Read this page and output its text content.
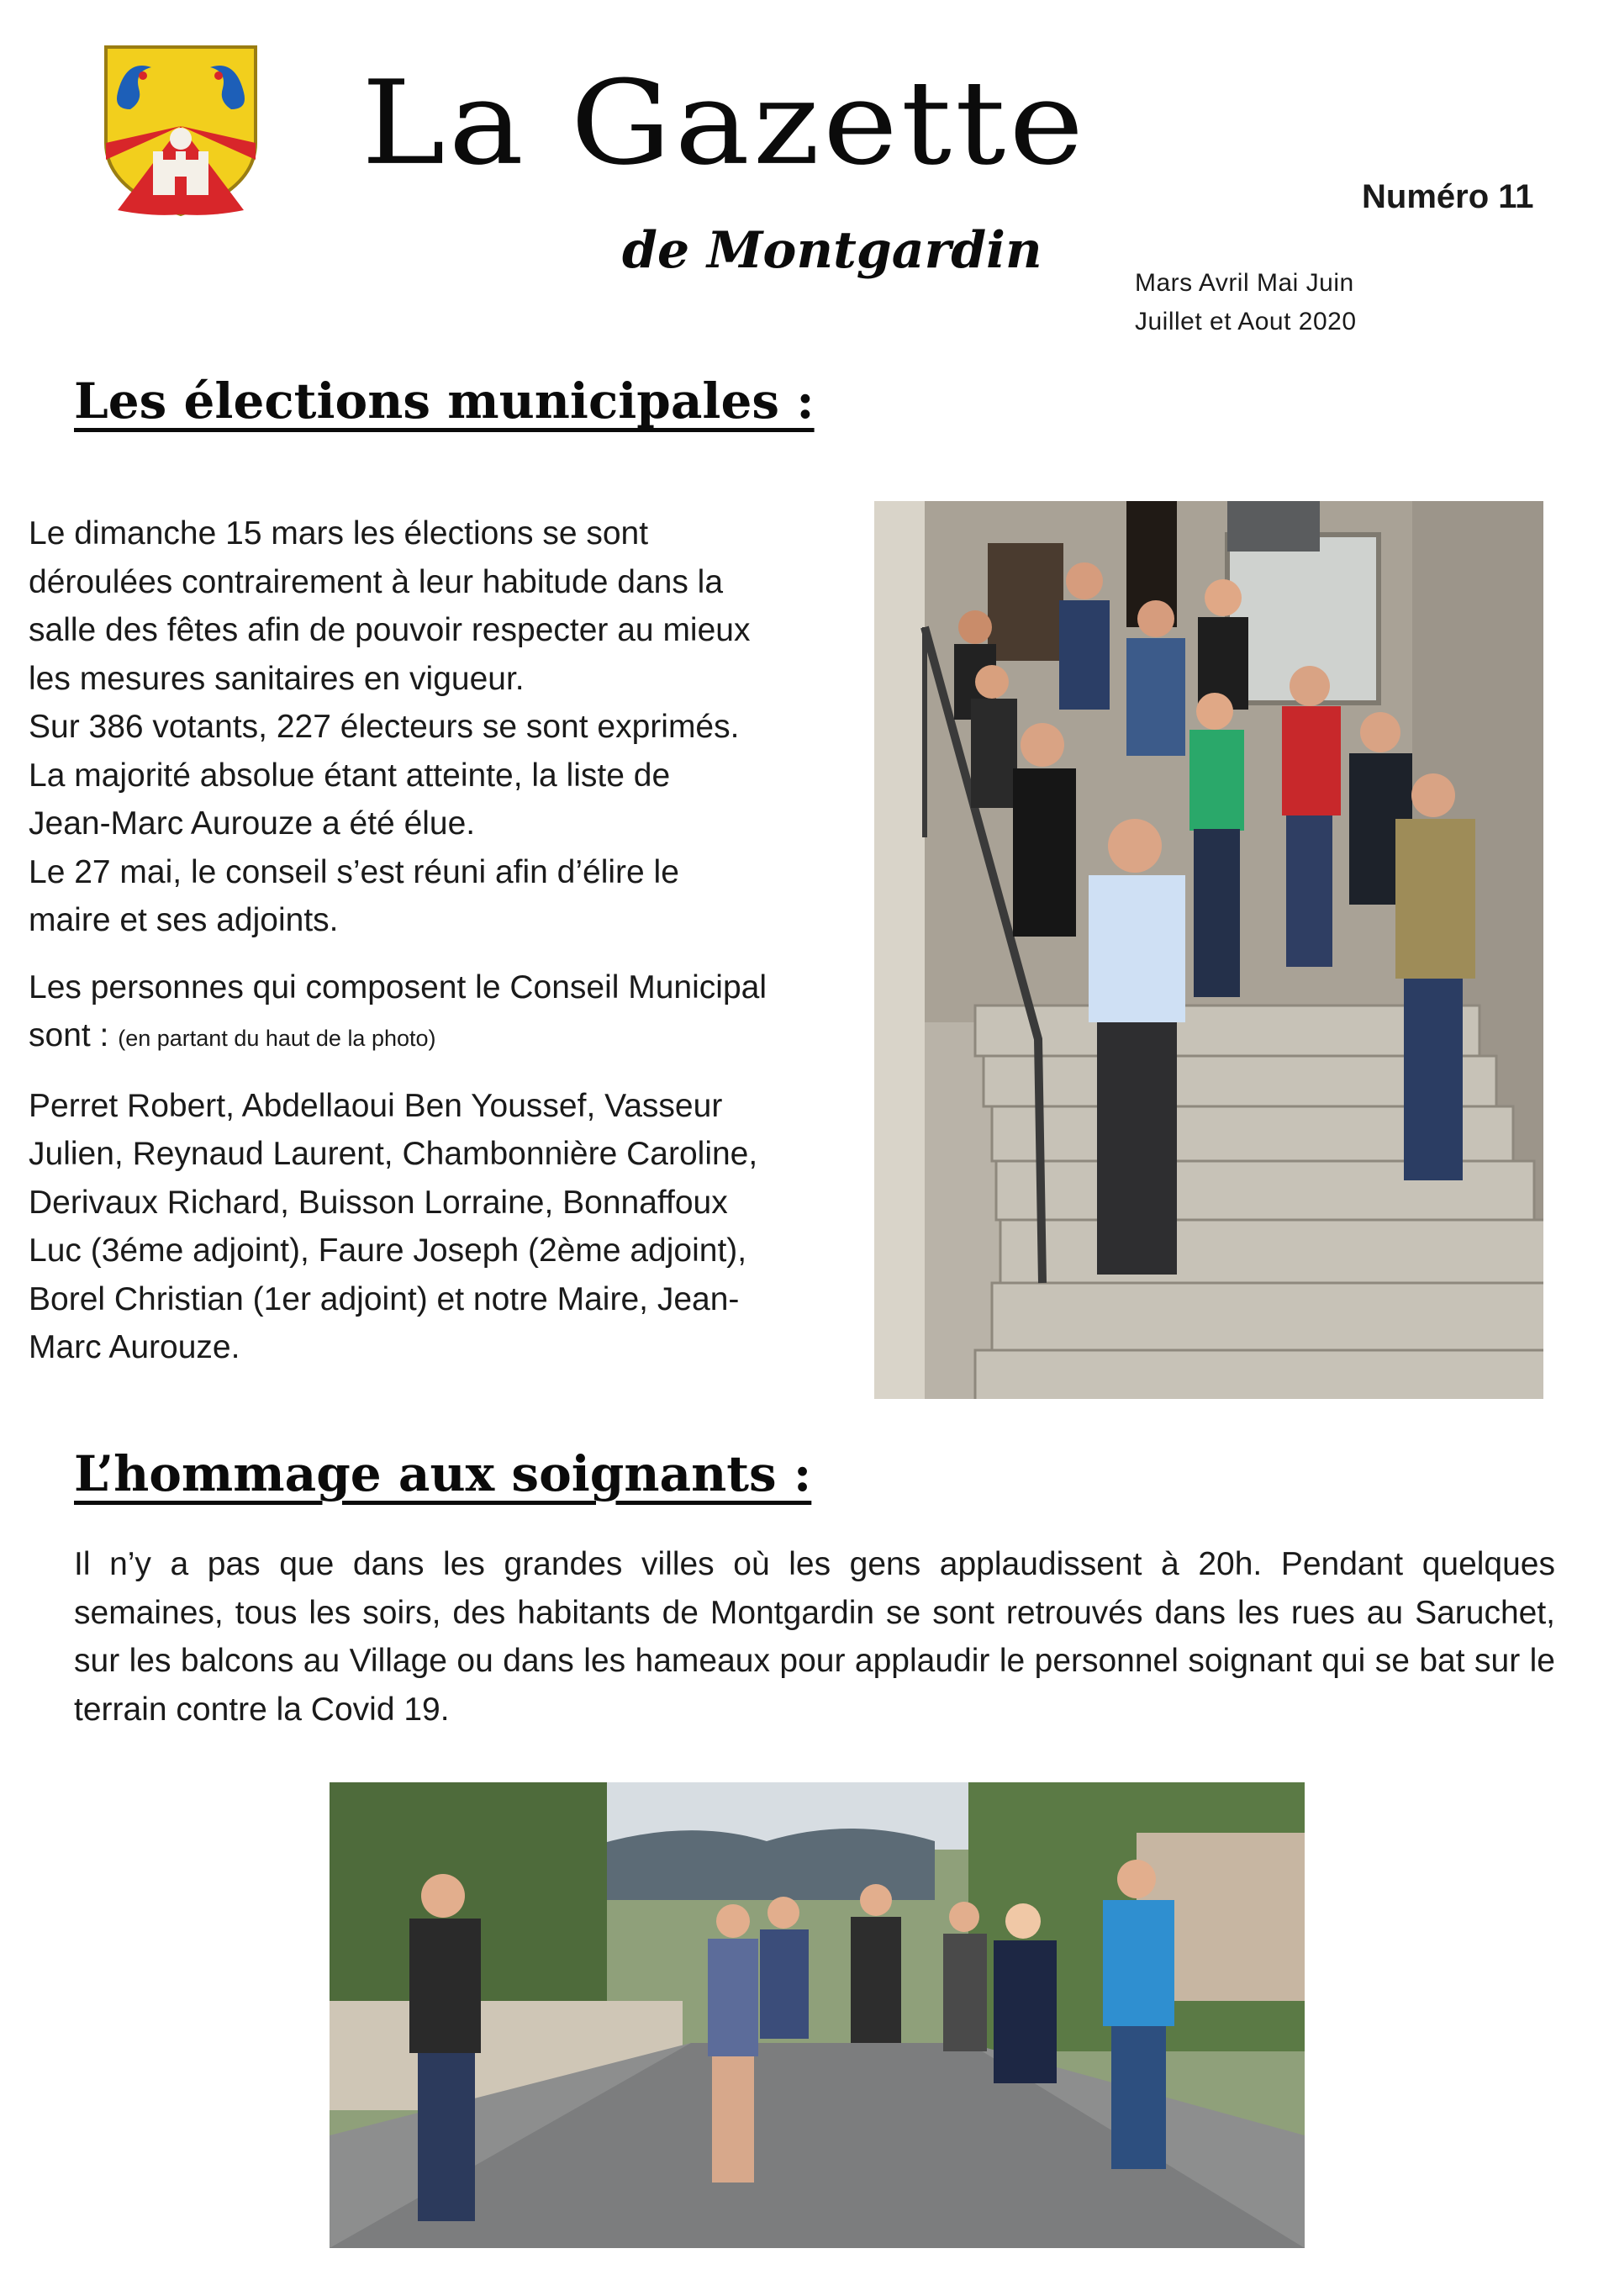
La Gazette
de Montgardin
Numéro 11
Mars Avril Mai Juin
Juillet et Aout 2020
Les élections municipales :

Le dimanche 15 mars les élections se sont
déroulées contrairement à leur habitude dans la
salle des fêtes afin de pouvoir respecter au mieux
les mesures sanitaires en vigueur.
Sur 386 votants, 227 électeurs se sont exprimés.
La majorité absolue étant atteinte, la liste de
Jean-Marc Aurouze a été élue.
Le 27 mai, le conseil s’est réuni afin d’élire le
maire et ses adjoints.

Les personnes qui composent le Conseil Municipal
sont : (en partant du haut de la photo)

Perret Robert, Abdellaoui Ben Youssef, Vasseur
Julien, Reynaud Laurent, Chambonnière Caroline,
Derivaux Richard, Buisson Lorraine, Bonnaffoux
Luc (3éme adjoint), Faure Joseph (2ème adjoint),
Borel Christian (1er adjoint) et notre Maire, Jean-
Marc Aurouze.

L’hommage aux soignants :

Il n’y a pas que dans les grandes villes où les gens applaudissent à 20h. Pendant quelques semaines, tous les soirs, des habitants de Montgardin se sont retrouvés dans les rues au Saruchet, sur les balcons au Village ou dans les hameaux pour applaudir le personnel soignant qui se bat sur le terrain contre la Covid 19.
